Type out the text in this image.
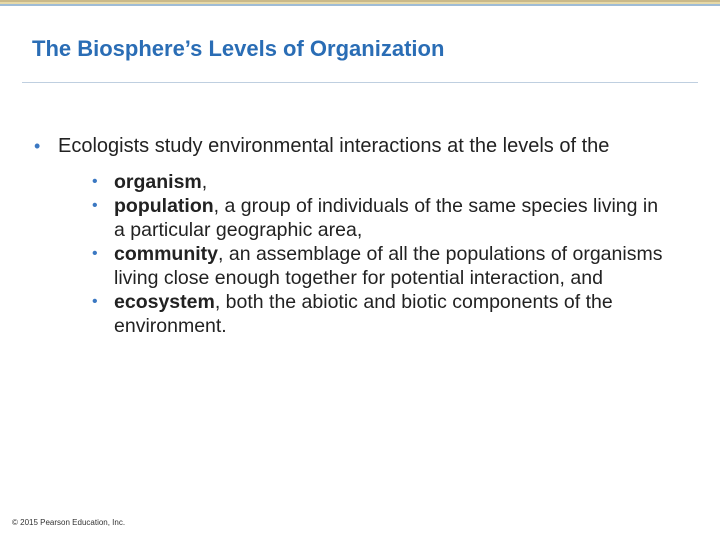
The Biosphere’s Levels of Organization
• Ecologists study environmental interactions at the levels of the
• organism,
• population, a group of individuals of the same species living in a particular geographic area,
• community, an assemblage of all the populations of organisms living close enough together for potential interaction, and
• ecosystem, both the abiotic and biotic components of the environment.
© 2015 Pearson Education, Inc.
